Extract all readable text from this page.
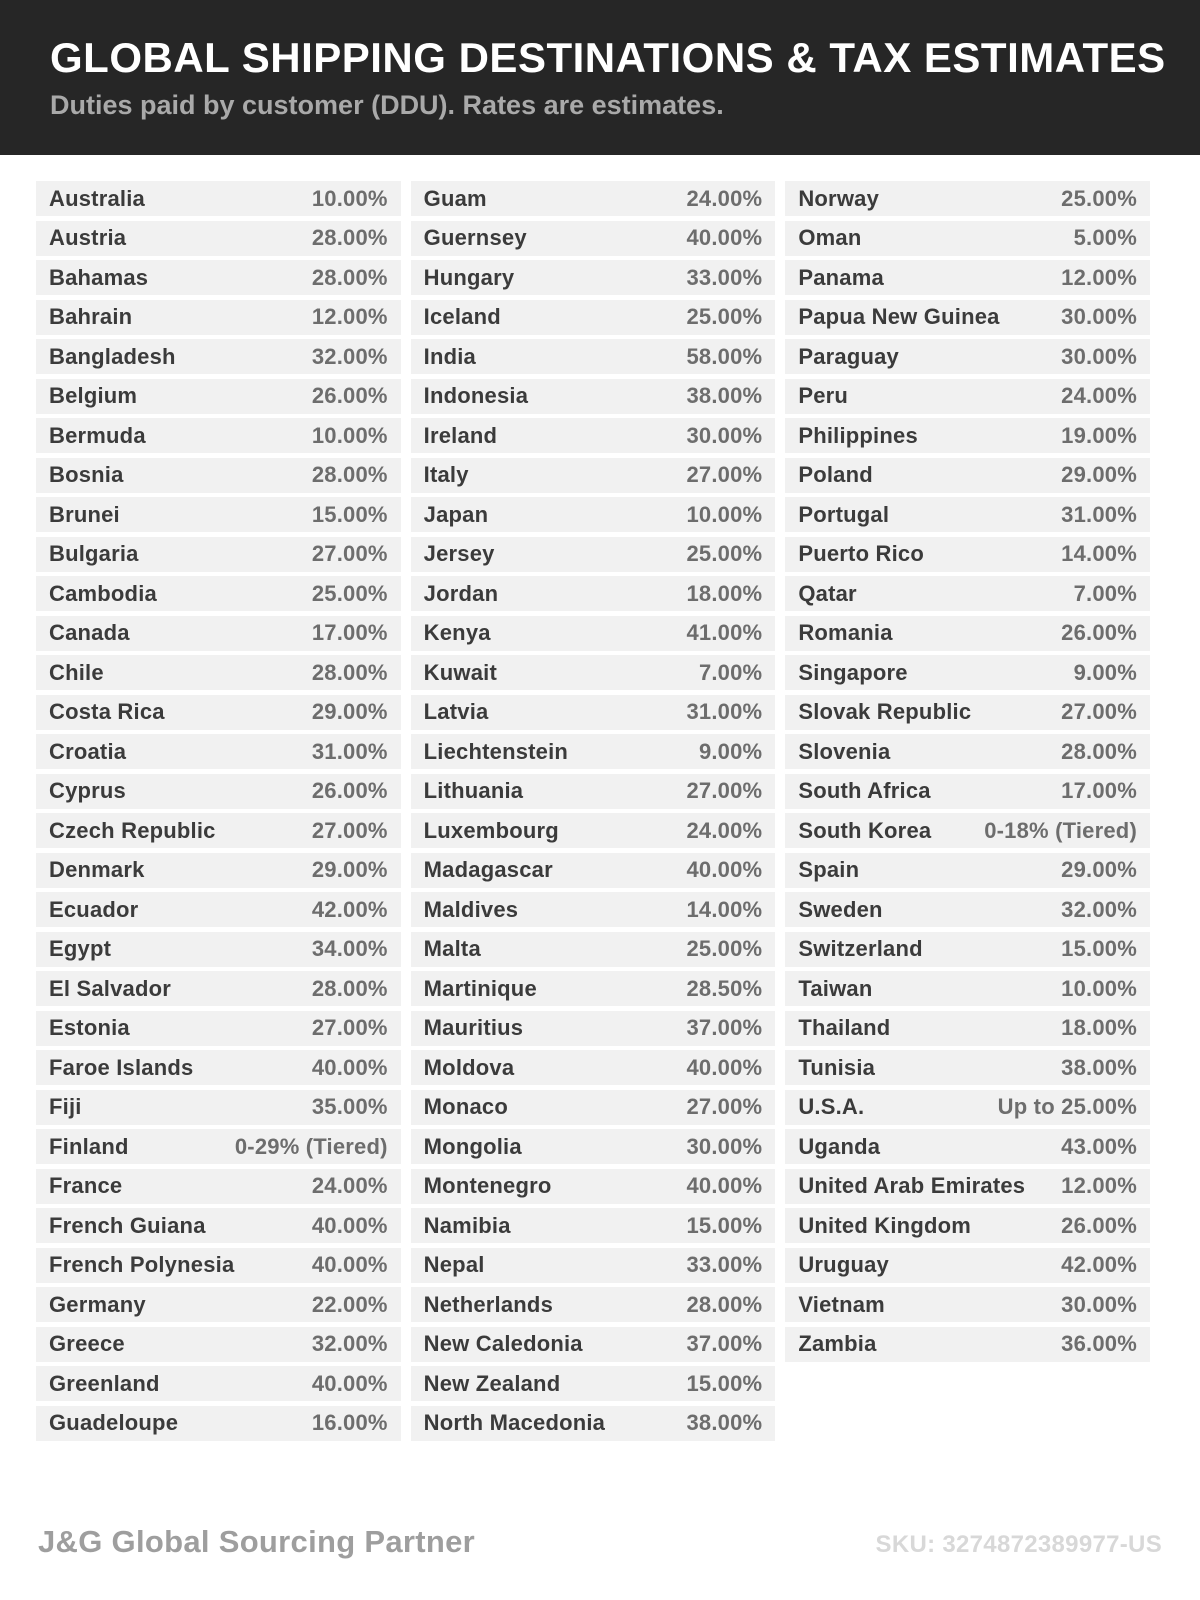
GLOBAL SHIPPING DESTINATIONS & TAX ESTIMATES
Duties paid by customer (DDU). Rates are estimates.
Australia	10.00%
Austria	28.00%
Bahamas	28.00%
Bahrain	12.00%
Bangladesh	32.00%
Belgium	26.00%
Bermuda	10.00%
Bosnia	28.00%
Brunei	15.00%
Bulgaria	27.00%
Cambodia	25.00%
Canada	17.00%
Chile	28.00%
Costa Rica	29.00%
Croatia	31.00%
Cyprus	26.00%
Czech Republic	27.00%
Denmark	29.00%
Ecuador	42.00%
Egypt	34.00%
El Salvador	28.00%
Estonia	27.00%
Faroe Islands	40.00%
Fiji	35.00%
Finland	0-29% (Tiered)
France	24.00%
French Guiana	40.00%
French Polynesia	40.00%
Germany	22.00%
Greece	32.00%
Greenland	40.00%
Guadeloupe	16.00%
Guam	24.00%
Guernsey	40.00%
Hungary	33.00%
Iceland	25.00%
India	58.00%
Indonesia	38.00%
Ireland	30.00%
Italy	27.00%
Japan	10.00%
Jersey	25.00%
Jordan	18.00%
Kenya	41.00%
Kuwait	7.00%
Latvia	31.00%
Liechtenstein	9.00%
Lithuania	27.00%
Luxembourg	24.00%
Madagascar	40.00%
Maldives	14.00%
Malta	25.00%
Martinique	28.50%
Mauritius	37.00%
Moldova	40.00%
Monaco	27.00%
Mongolia	30.00%
Montenegro	40.00%
Namibia	15.00%
Nepal	33.00%
Netherlands	28.00%
New Caledonia	37.00%
New Zealand	15.00%
North Macedonia	38.00%
Norway	25.00%
Oman	5.00%
Panama	12.00%
Papua New Guinea	30.00%
Paraguay	30.00%
Peru	24.00%
Philippines	19.00%
Poland	29.00%
Portugal	31.00%
Puerto Rico	14.00%
Qatar	7.00%
Romania	26.00%
Singapore	9.00%
Slovak Republic	27.00%
Slovenia	28.00%
South Africa	17.00%
South Korea 0-18% (Tiered)
Spain	29.00%
Sweden	32.00%
Switzerland	15.00%
Taiwan	10.00%
Thailand	18.00%
Tunisia	38.00%
U.S.A.	Up to 25.00%
Uganda	43.00%
United Arab Emirates 12.00%
United Kingdom	26.00%
Uruguay	42.00%
Vietnam	30.00%
Zambia	36.00%
J&G Global Sourcing Partner	SKU: 3274872389977-US
